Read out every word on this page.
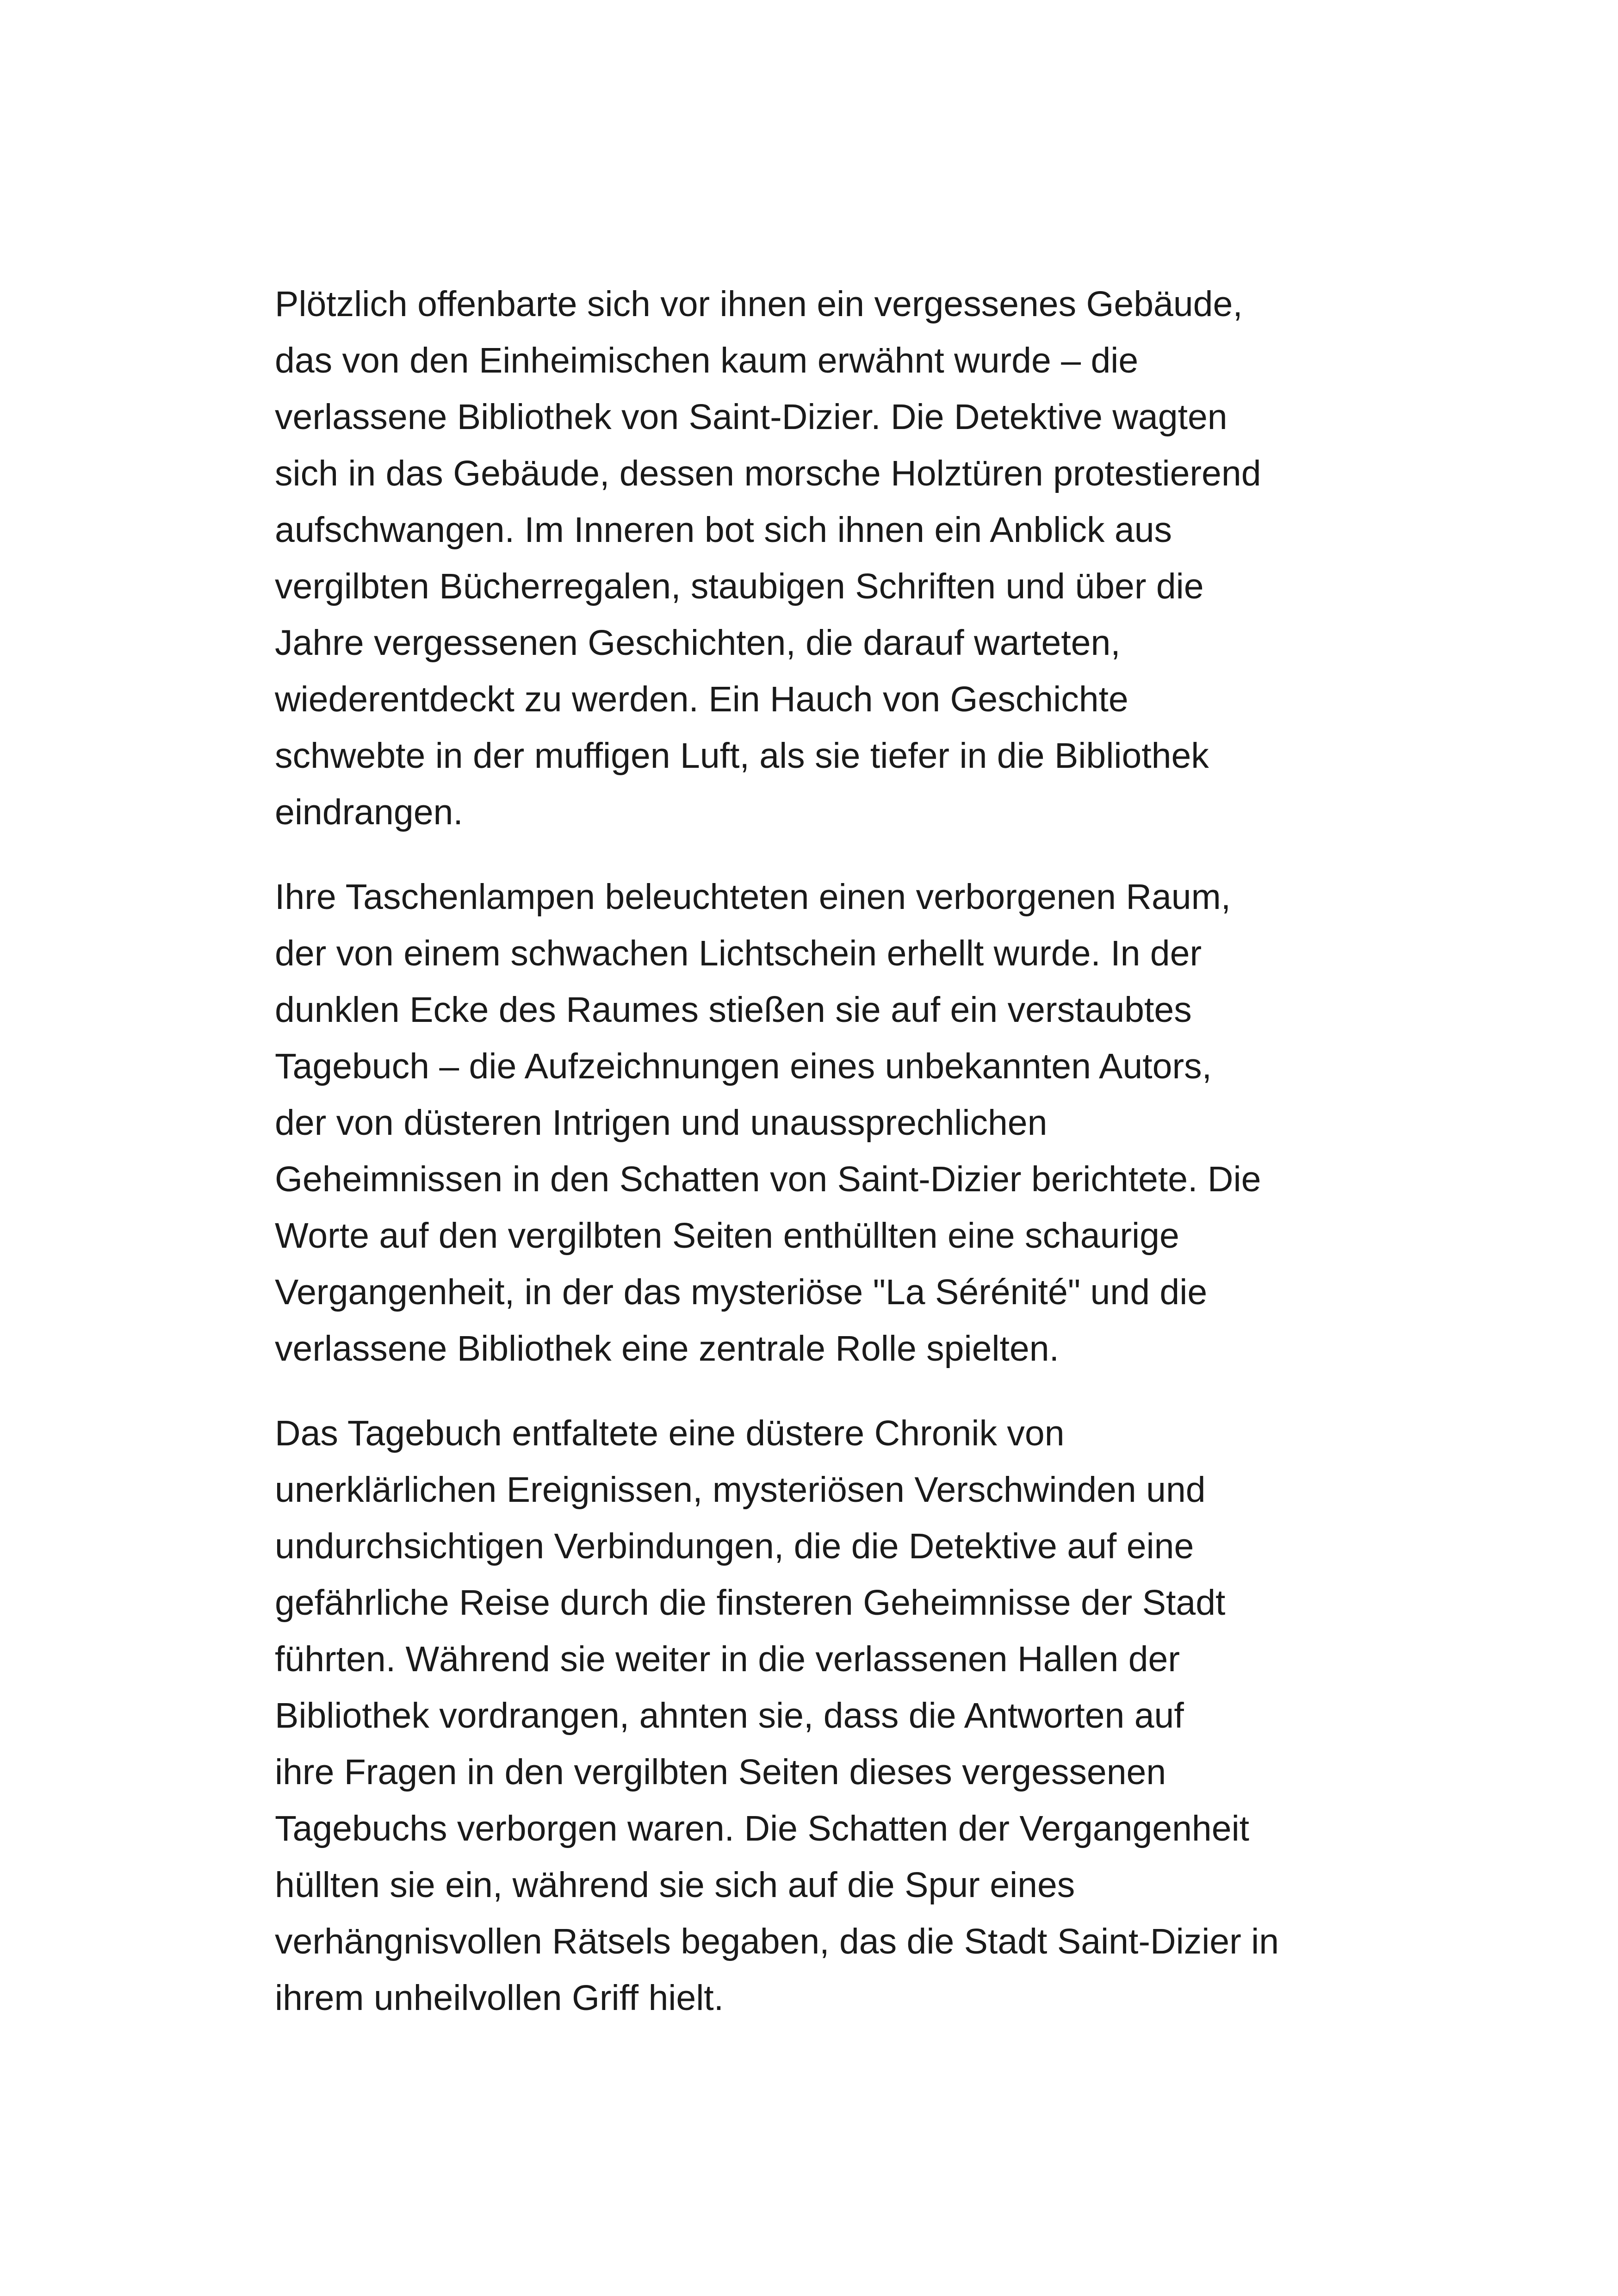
Plötzlich offenbarte sich vor ihnen ein vergessenes Gebäude,
das von den Einheimischen kaum erwähnt wurde – die
verlassene Bibliothek von Saint-Dizier. Die Detektive wagten
sich in das Gebäude, dessen morsche Holztüren protestierend
aufschwangen. Im Inneren bot sich ihnen ein Anblick aus
vergilbten Bücherregalen, staubigen Schriften und über die
Jahre vergessenen Geschichten, die darauf warteten,
wiederentdeckt zu werden. Ein Hauch von Geschichte
schwebte in der muffigen Luft, als sie tiefer in die Bibliothek
eindrangen.

Ihre Taschenlampen beleuchteten einen verborgenen Raum,
der von einem schwachen Lichtschein erhellt wurde. In der
dunklen Ecke des Raumes stießen sie auf ein verstaubtes
Tagebuch – die Aufzeichnungen eines unbekannten Autors,
der von düsteren Intrigen und unaussprechlichen
Geheimnissen in den Schatten von Saint-Dizier berichtete. Die
Worte auf den vergilbten Seiten enthüllten eine schaurige
Vergangenheit, in der das mysteriöse "La Sérénité" und die
verlassene Bibliothek eine zentrale Rolle spielten.

Das Tagebuch entfaltete eine düstere Chronik von
unerklärlichen Ereignissen, mysteriösen Verschwinden und
undurchsichtigen Verbindungen, die die Detektive auf eine
gefährliche Reise durch die finsteren Geheimnisse der Stadt
führten. Während sie weiter in die verlassenen Hallen der
Bibliothek vordrangen, ahnten sie, dass die Antworten auf
ihre Fragen in den vergilbten Seiten dieses vergessenen
Tagebuchs verborgen waren. Die Schatten der Vergangenheit
hüllten sie ein, während sie sich auf die Spur eines
verhängnisvollen Rätsels begaben, das die Stadt Saint-Dizier in
ihrem unheilvollen Griff hielt.
